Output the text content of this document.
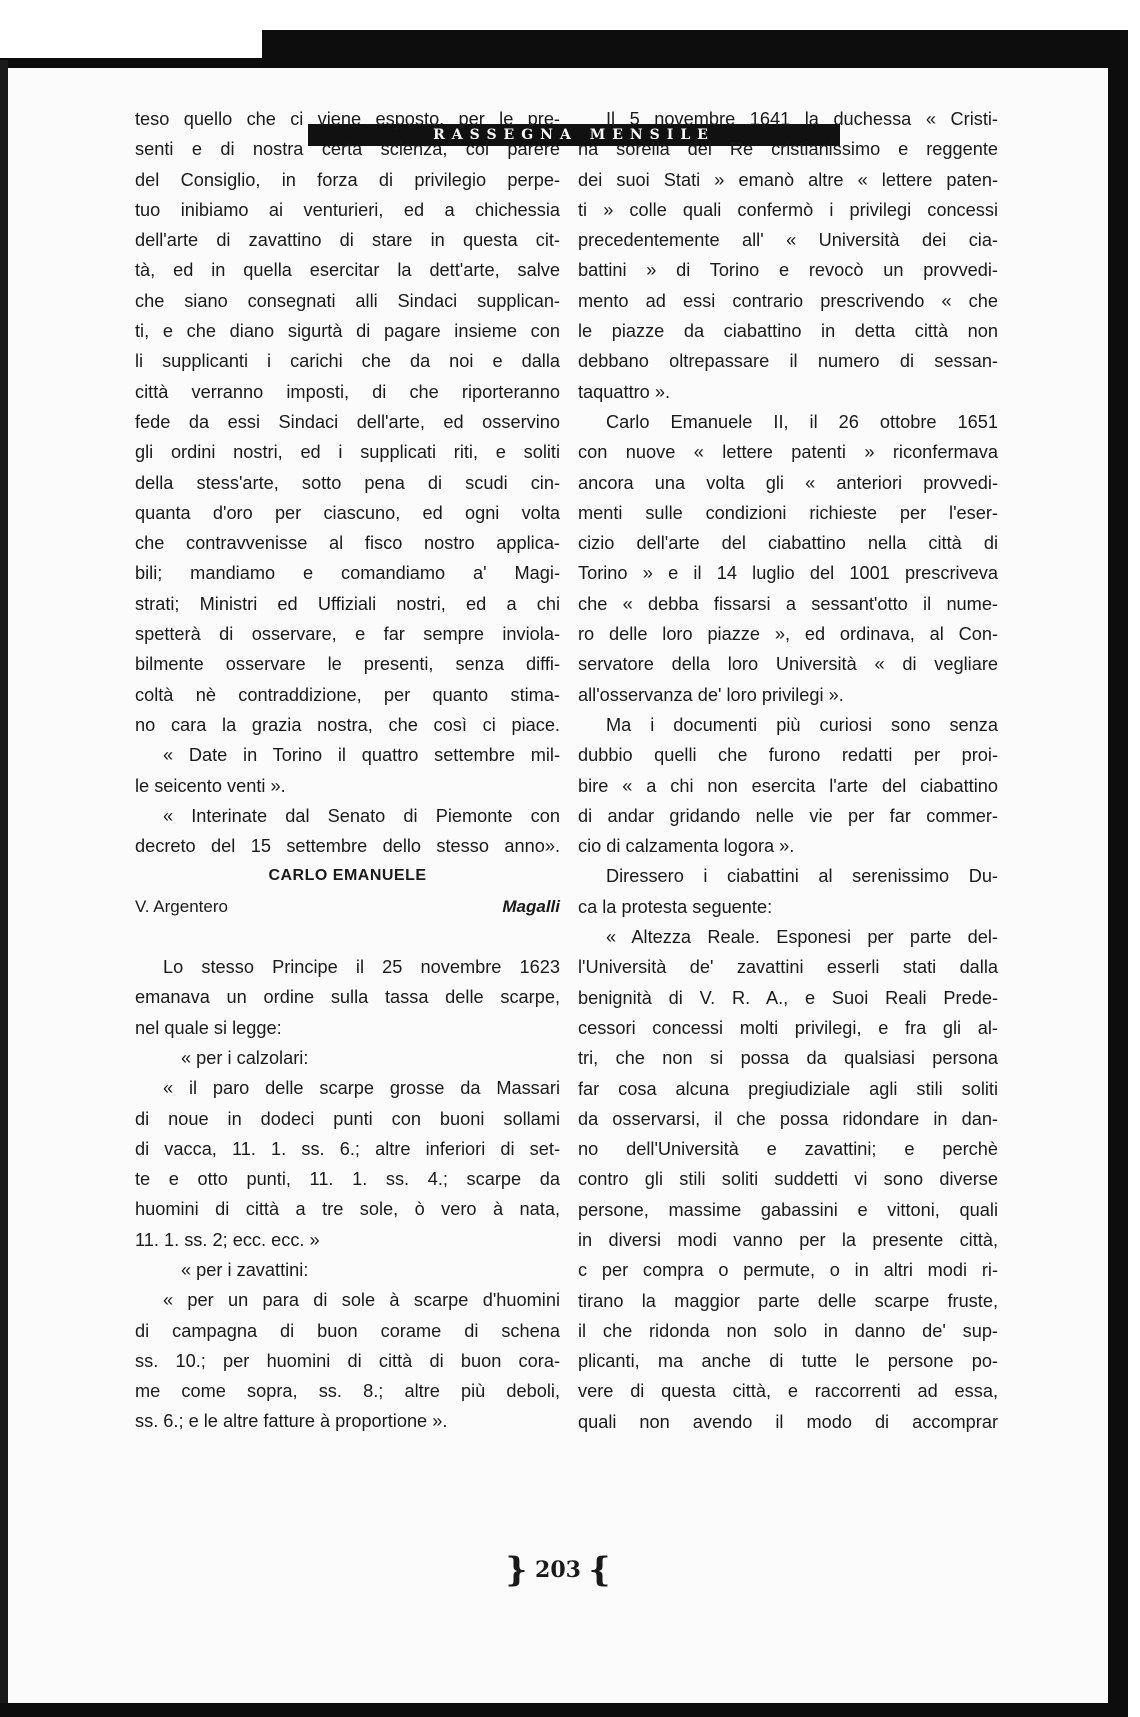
RASSEGNA MENSILE
teso quello che ci viene esposto, per le pre-
senti e di nostra certa scienza, col parere
del Consiglio, in forza di privilegio perpe-
tuo inibiamo ai venturieri, ed a chichessia
dell'arte di zavattino di stare in questa cit-
tà, ed in quella esercitar la dett'arte, salve
che siano consegnati alli Sindaci supplican-
ti, e che diano sigurtà di pagare insieme con
li supplicanti i carichi che da noi e dalla
città verranno imposti, di che riporteranno
fede da essi Sindaci dell'arte, ed osservino
gli ordini nostri, ed i supplicati riti, e soliti
della stess'arte, sotto pena di scudi cin-
quanta d'oro per ciascuno, ed ogni volta
che contravvenisse al fisco nostro applica-
bili; mandiamo e comandiamo a' Magi-
strati; Ministri ed Uffiziali nostri, ed a chi
spetterà di osservare, e far sempre inviola-
bilmente osservare le presenti, senza diffi-
coltà nè contraddizione, per quanto stima-
no cara la grazia nostra, che così ci piace.
« Date in Torino il quattro settembre mil-
le seicento venti ».
« Interinate dal Senato di Piemonte con
decreto del 15 settembre dello stesso anno».
CARLO EMANUELE
V. Argentero	Magalli
Lo stesso Principe il 25 novembre 1623
emanava un ordine sulla tassa delle scarpe,
nel quale si legge:
« per i calzolari:
« il paro delle scarpe grosse da Massari
di noue in dodeci punti con buoni sollami
di vacca, 11. 1. ss. 6.; altre inferiori di set-
te e otto punti, 11. 1. ss. 4.; scarpe da
huomini di città a tre sole, ò vero à nata,
11. 1. ss. 2; ecc. ecc. »
« per i zavattini:
« per un para di sole à scarpe d'huomini
di campagna di buon corame di schena
ss. 10.; per huomini di città di buon cora-
me come sopra, ss. 8.; altre più deboli,
ss. 6.; e le altre fatture à proportione ».
Il 5 novembre 1641 la duchessa « Cristi-
na sorella del Re cristianissimo e reggente
dei suoi Stati » emanò altre « lettere paten-
ti » colle quali confermò i privilegi concessi
precedentemente all' « Università dei cia-
battini » di Torino e revocò un provvedi-
mento ad essi contrario prescrivendo « che
le piazze da ciabattino in detta città non
debbano oltrepassare il numero di sessan-
taquattro ».
Carlo Emanuele II, il 26 ottobre 1651
con nuove « lettere patenti » riconfermava
ancora una volta gli « anteriori provvedi-
menti sulle condizioni richieste per l'eser-
cizio dell'arte del ciabattino nella città di
Torino » e il 14 luglio del 1001 prescriveva
che « debba fissarsi a sessant'otto il nume-
ro delle loro piazze », ed ordinava, al Con-
servatore della loro Università « di vegliare
all'osservanza de' loro privilegi ».
Ma i documenti più curiosi sono senza
dubbio quelli che furono redatti per proi-
bire « a chi non esercita l'arte del ciabattino
di andar gridando nelle vie per far commer-
cio di calzamenta logora ».
Diressero i ciabattini al serenissimo Du-
ca la protesta seguente:
« Altezza Reale. Esponesi per parte del-
l'Università de' zavattini esserli stati dalla
benignità di V. R. A., e Suoi Reali Prede-
cessori concessi molti privilegi, e fra gli al-
tri, che non si possa da qualsiasi persona
far cosa alcuna pregiudiziale agli stili soliti
da osservarsi, il che possa ridondare in dan-
no dell'Università e zavattini; e perchè
contro gli stili soliti suddetti vi sono diverse
persone, massime gabassini e vittoni, quali
in diversi modi vanno per la presente città,
c per compra o permute, o in altri modi ri-
tirano la maggior parte delle scarpe fruste,
il che ridonda non solo in danno de' sup-
plicanti, ma anche di tutte le persone po-
vere di questa città, e raccorrenti ad essa,
quali non avendo il modo di accomprar
} 203 {
